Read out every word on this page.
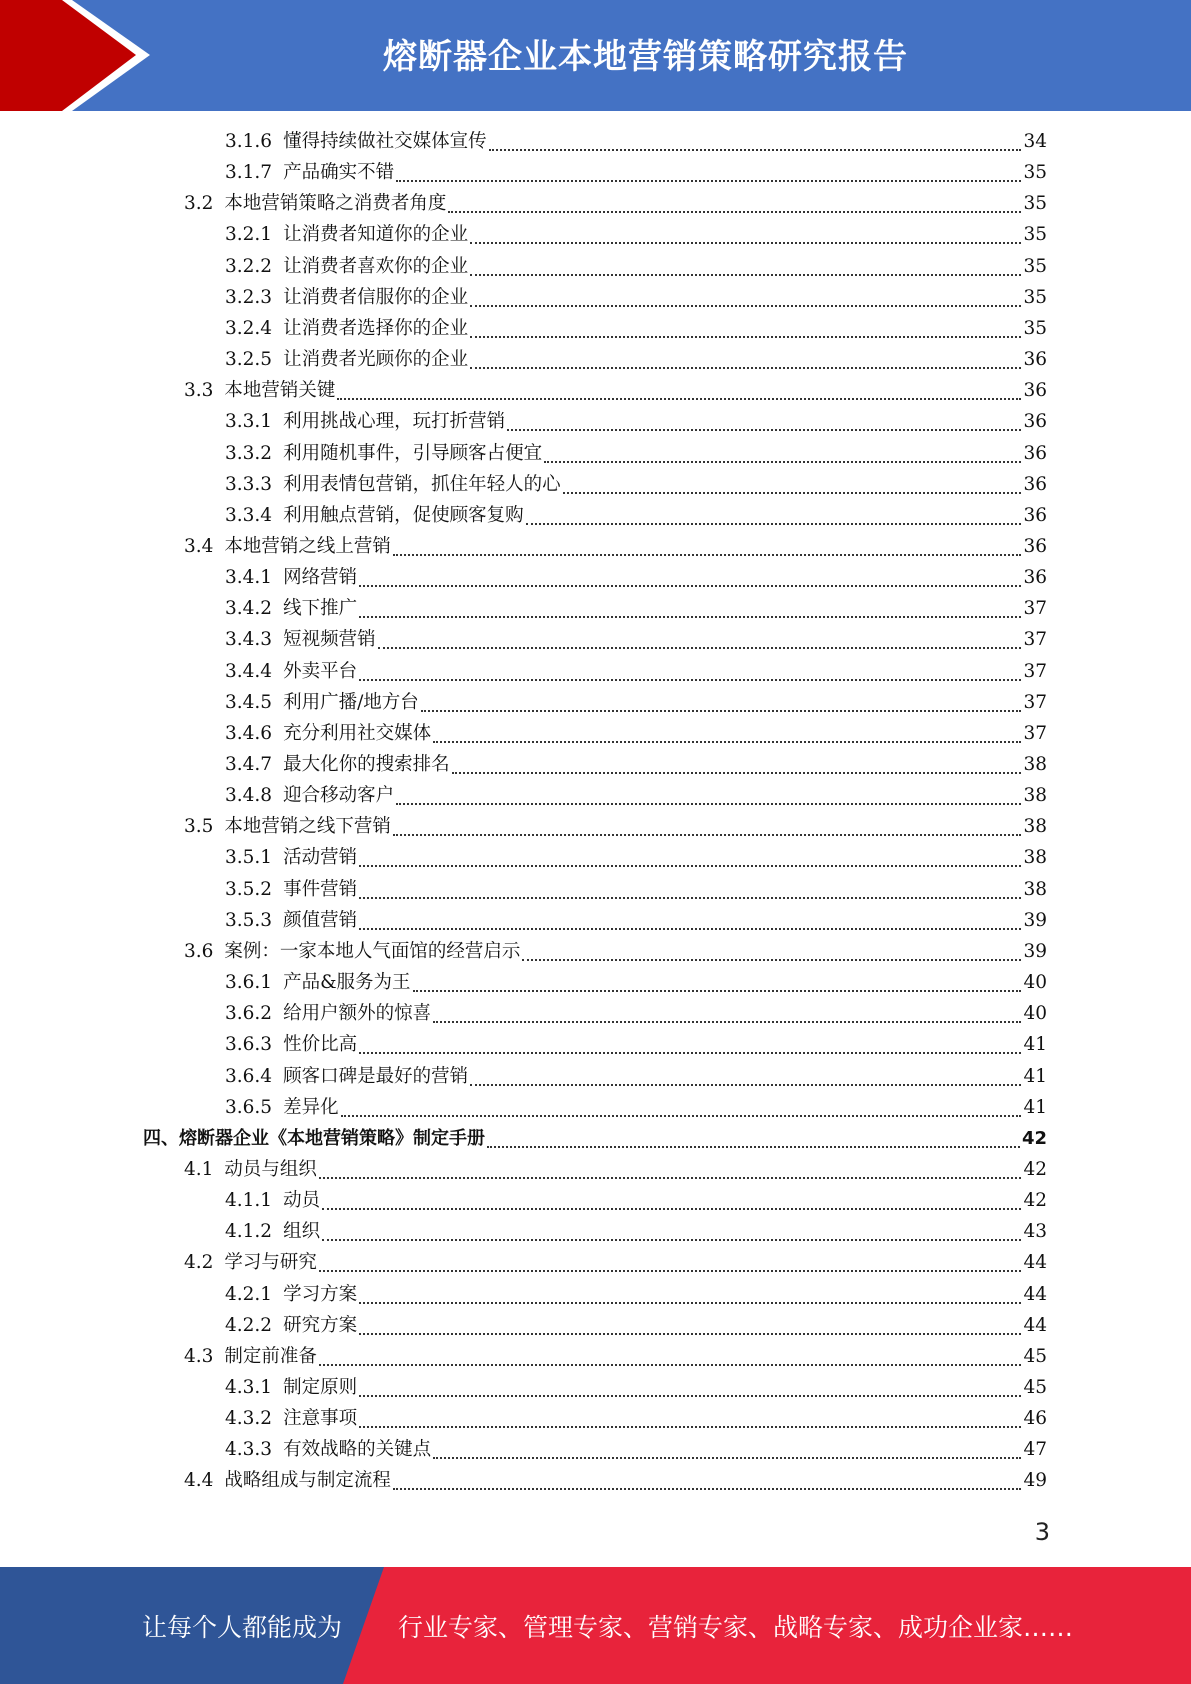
熔断器企业本地营销策略研究报告
3.1.6 懂得持续做社交媒体宣传	34
3.1.7 产品确实不错	35
3.2 本地营销策略之消费者角度	35
3.2.1 让消费者知道你的企业	35
3.2.2 让消费者喜欢你的企业	35
3.2.3 让消费者信服你的企业	35
3.2.4 让消费者选择你的企业	35
3.2.5 让消费者光顾你的企业	36
3.3 本地营销关键	36
3.3.1 利用挑战心理，玩打折营销	36
3.3.2 利用随机事件，引导顾客占便宜	36
3.3.3 利用表情包营销，抓住年轻人的心	36
3.3.4 利用触点营销，促使顾客复购	36
3.4 本地营销之线上营销	36
3.4.1 网络营销	36
3.4.2 线下推广	37
3.4.3 短视频营销	37
3.4.4 外卖平台	37
3.4.5 利用广播/地方台	37
3.4.6 充分利用社交媒体	37
3.4.7 最大化你的搜索排名	38
3.4.8 迎合移动客户	38
3.5 本地营销之线下营销	38
3.5.1 活动营销	38
3.5.2 事件营销	38
3.5.3 颜值营销	39
3.6 案例：一家本地人气面馆的经营启示	39
3.6.1 产品&服务为王	40
3.6.2 给用户额外的惊喜	40
3.6.3 性价比高	41
3.6.4 顾客口碑是最好的营销	41
3.6.5 差异化	41
四、 熔断器企业《本地营销策略》制定手册	42
4.1 动员与组织	42
4.1.1 动员	42
4.1.2 组织	43
4.2 学习与研究	44
4.2.1 学习方案	44
4.2.2 研究方案	44
4.3 制定前准备	45
4.3.1 制定原则	45
4.3.2 注意事项	46
4.3.3 有效战略的关键点	47
4.4 战略组成与制定流程	49
3
让每个人都能成为 行业专家、管理专家、营销专家、战略专家、成功企业家……
